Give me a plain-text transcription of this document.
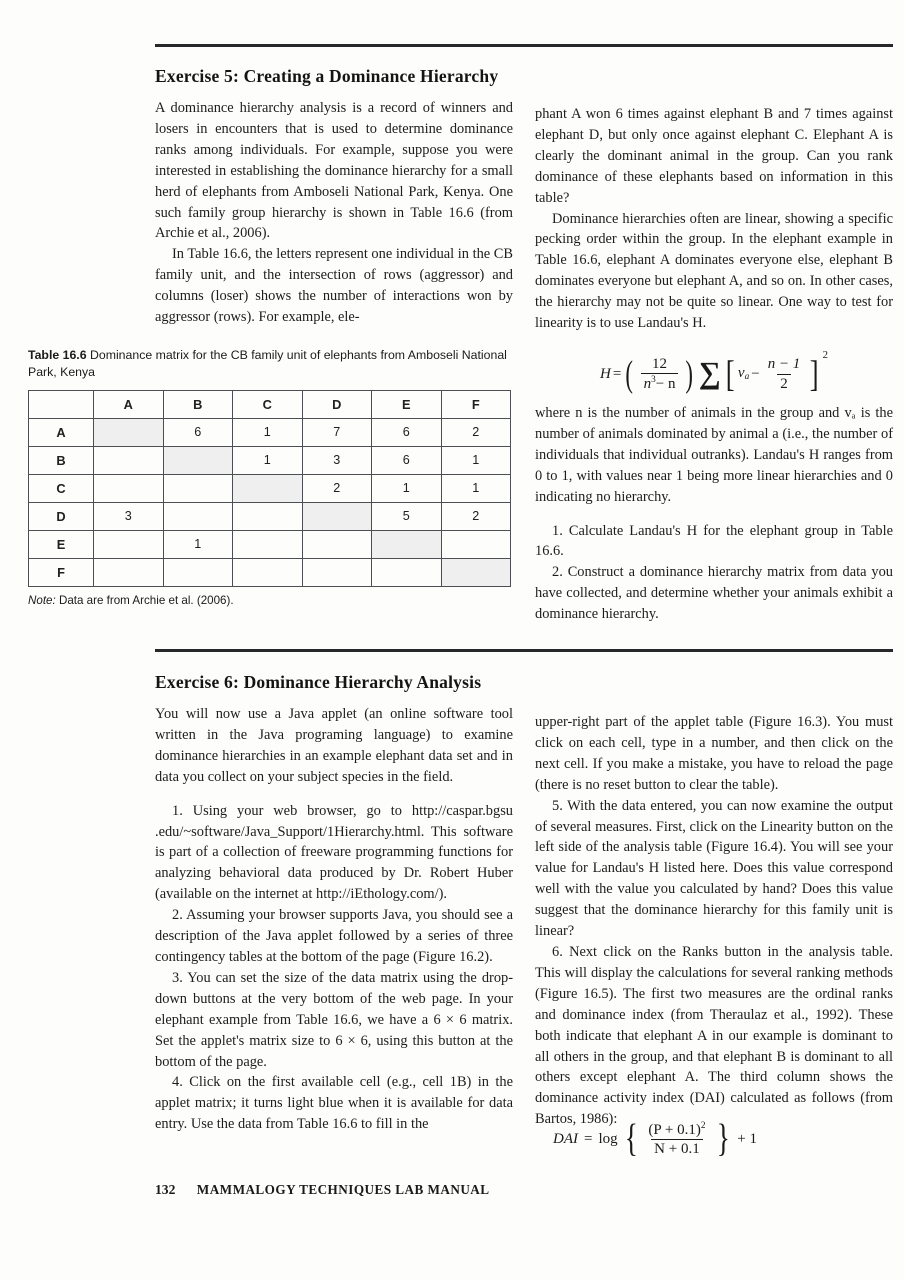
Exercise 5: Creating a Dominance Hierarchy

A dominance hierarchy analysis is a record of winners and losers in encounters that is used to determine dominance ranks among individuals. For example, suppose you were interested in establishing the dominance hierarchy for a small herd of elephants from Amboseli National Park, Kenya. One such family group hierarchy is shown in Table 16.6 (from Archie et al., 2006).

In Table 16.6, the letters represent one individual in the CB family unit, and the intersection of rows (aggressor) and columns (loser) shows the number of interactions won by aggressor (rows). For example, ele-

phant A won 6 times against elephant B and 7 times against elephant D, but only once against elephant C. Elephant A is clearly the dominant animal in the group. Can you rank dominance of these elephants based on information in this table?

Dominance hierarchies often are linear, showing a specific pecking order within the group. In the elephant example in Table 16.6, elephant A dominates everyone else, elephant B dominates everyone but elephant A, and so on. In other cases, the hierarchy may not be quite so linear. One way to test for linearity is to use Landau's H.

H = ( $\frac{12}{n^3- n}$ ) ∑ [ $v_a - \frac{n - 1}{2}$ ] 2

where n is the number of animals in the group and vₐ is the number of animals dominated by animal a (i.e., the number of individuals that individual outranks). Landau's H ranges from 0 to 1, with values near 1 being more linear hierarchies and 0 indicating no hierarchy.

1. Calculate Landau's H for the elephant group in Table 16.6.

2. Construct a dominance hierarchy matrix from data you have collected, and determine whether your animals exhibit a dominance hierarchy.

Table 16.6 Dominance matrix for the CB family unit of elephants from Amboseli National Park, Kenya
	A	B	C	D	E	F
A		6	1	7	6	2
B			1	3	6	1
C				2	1	1
D	3				5	2
E		1				
F						
Note: Data are from Archie et al. (2006).
Exercise 6: Dominance Hierarchy Analysis

You will now use a Java applet (an online software tool written in the Java programing language) to examine dominance hierarchies in an example elephant data set and in data you collect on your subject species in the field.

1. Using your web browser, go to http://caspar.bgsu .edu/~software/Java_Support/1Hierarchy.html. This software is part of a collection of freeware programming functions for analyzing behavioral data produced by Dr. Robert Huber (available on the internet at http://iEthology.com/).

2. Assuming your browser supports Java, you should see a description of the Java applet followed by a series of three contingency tables at the bottom of the page (Figure 16.2).

3. You can set the size of the data matrix using the drop-down buttons at the very bottom of the web page. In your elephant example from Table 16.6, we have a 6 × 6 matrix. Set the applet's matrix size to 6 × 6, using this button at the bottom of the page.

4. Click on the first available cell (e.g., cell 1B) in the applet matrix; it turns light blue when it is available for data entry. Use the data from Table 16.6 to fill in the

upper-right part of the applet table (Figure 16.3). You must click on each cell, type in a number, and then click on the next cell. If you make a mistake, you have to reload the page (there is no reset button to clear the table).

5. With the data entered, you can now examine the output of several measures. First, click on the Linearity button on the left side of the analysis table (Figure 16.4). You will see your value for Landau's H listed here. Does this value correspond well with the value you calculated by hand? Does this value suggest that the dominance hierarchy for this family unit is linear?

6. Next click on the Ranks button in the analysis table. This will display the calculations for several ranking methods (Figure 16.5). The first two measures are the ordinal ranks and dominance index (from Theraulaz et al., 1992). These both indicate that elephant A in our example is dominant to all others in the group, and that elephant B is dominant to all others except elephant A. The third column shows the dominance activity index (DAI) calculated as follows (from Bartos, 1986):

DAI = log { $\frac{(P + 0.1)^2}{N + 0.1}$ } + 1
132 MAMMALOGY TECHNIQUES LAB MANUAL
